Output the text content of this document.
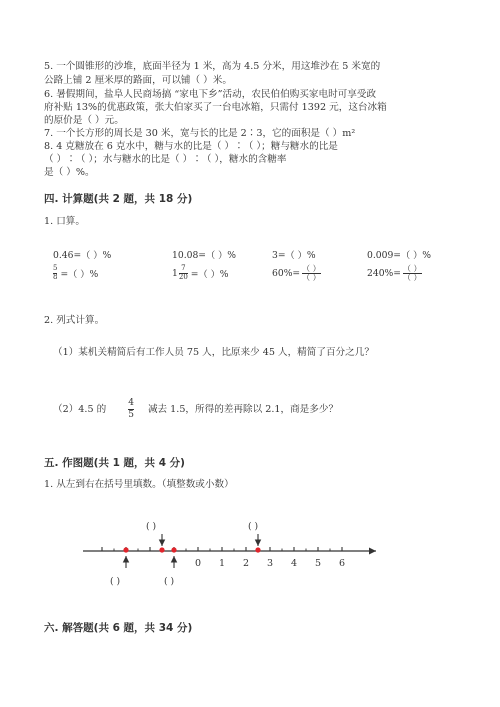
5. 一个圆锥形的沙堆，底面半径为 1 米，高为 4.5 分米，用这堆沙在 5 米宽的
公路上铺 2 厘米厚的路面，可以铺（ ）米。
6. 暑假期间，盐阜人民商场搞 “家电下乡”活动，农民伯伯购买家电时可享受政
府补贴 13%的优惠政策，张大伯家买了一台电冰箱，只需付 1392 元，这台冰箱
的原价是（ ）元。
7. 一个长方形的周长是 30 米，宽与长的比是 2∶3，它的面积是（ ）m²
8. 4 克糖放在 6 克水中，糖与水的比是（ ）∶（ ）；糖与糖水的比是
（ ）∶（ ）；水与糖水的比是（ ）∶（ ），糖水的含糖率
是（ ）%。
四. 计算题(共 2 题，共 18 分)
1. 口算。
0.46=（ ）%	10.08=（ ）%	3=（ ）%	0.009=（ ）%
$\frac{5}{8}$ =（ ）%	$1 \frac{7}{20}$ =（ ）%	$60\%= \frac{( )}{( )}$	$240\%= \frac{( )}{( )}$
2. 列式计算。
（1）某机关精简后有工作人员 75 人，比原来少 45 人，精简了百分之几？
（2）4.5 的 $\frac{4}{5}$ 减去 1.5，所得的差再除以 2.1，商是多少？
五. 作图题(共 1 题，共 4 分)
1. 从左到右在括号里填数。（填整数或小数）
0 1 2 3 4 5 6
( )	( )
( )	( )
六. 解答题(共 6 题，共 34 分)
